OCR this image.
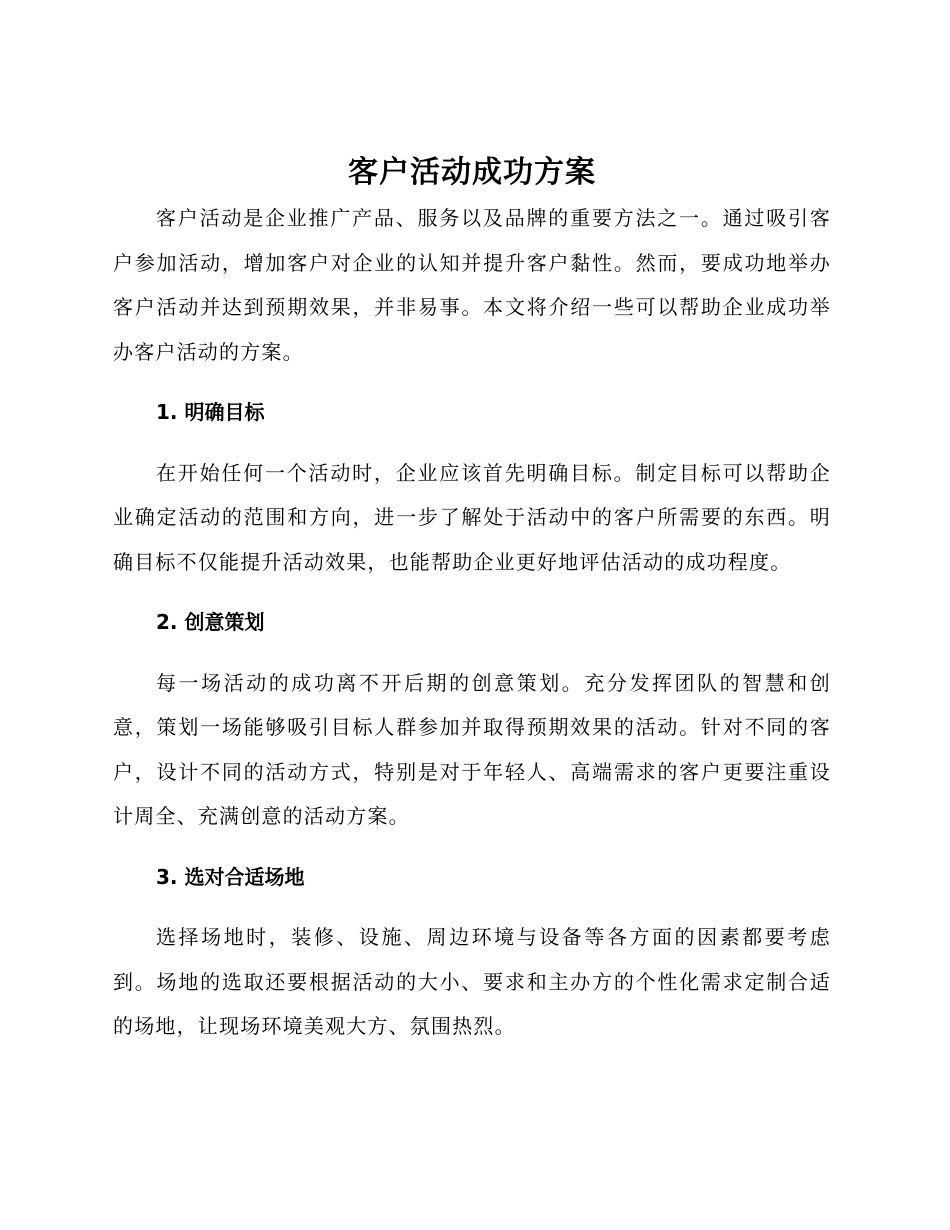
客户活动成功方案

客户活动是企业推广产品、服务以及品牌的重要方法之一。通过吸引客户参加活动，增加客户对企业的认知并提升客户黏性。然而，要成功地举办客户活动并达到预期效果，并非易事。本文将介绍一些可以帮助企业成功举办客户活动的方案。

1. 明确目标

在开始任何一个活动时，企业应该首先明确目标。制定目标可以帮助企业确定活动的范围和方向，进一步了解处于活动中的客户所需要的东西。明确目标不仅能提升活动效果，也能帮助企业更好地评估活动的成功程度。

2. 创意策划

每一场活动的成功离不开后期的创意策划。充分发挥团队的智慧和创意，策划一场能够吸引目标人群参加并取得预期效果的活动。针对不同的客户，设计不同的活动方式，特别是对于年轻人、高端需求的客户更要注重设计周全、充满创意的活动方案。

3. 选对合适场地

选择场地时，装修、设施、周边环境与设备等各方面的因素都要考虑到。场地的选取还要根据活动的大小、要求和主办方的个性化需求定制合适的场地，让现场环境美观大方、氛围热烈。
